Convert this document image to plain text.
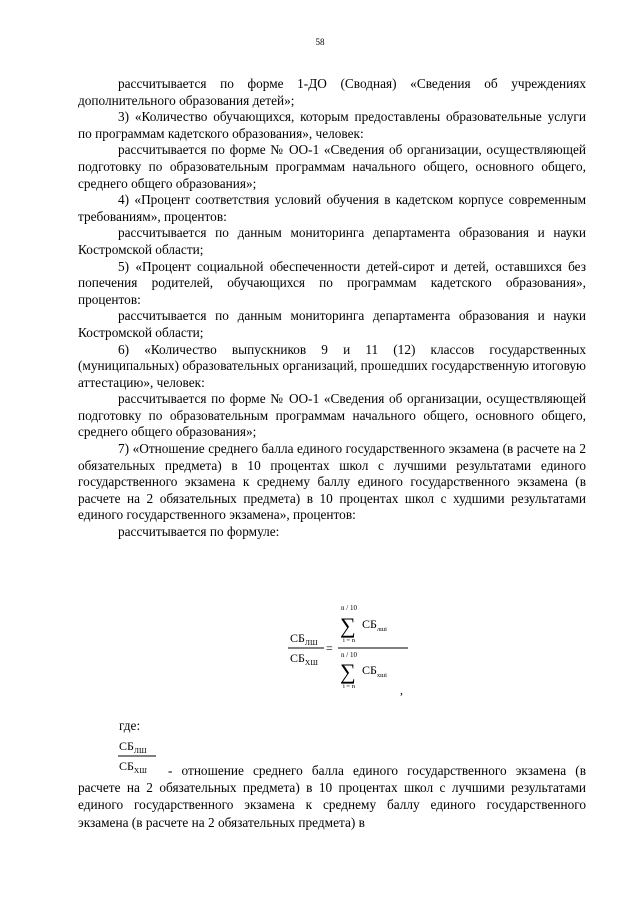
58

рассчитывается по форме 1-ДО (Сводная) «Сведения об учреждениях дополнительного образования детей»;

3) «Количество обучающихся, которым предоставлены образовательные услуги по программам кадетского образования», человек:

рассчитывается по форме № ОО-1 «Сведения об организации, осуществляющей подготовку по образовательным программам начального общего, основного общего, среднего общего образования»;

4) «Процент соответствия условий обучения в кадетском корпусе современным требованиям», процентов:

рассчитывается по данным мониторинга департамента образования и науки Костромской области;

5) «Процент социальной обеспеченности детей-сирот и детей, оставшихся без попечения родителей, обучающихся по программам кадетского образования», процентов:

рассчитывается по данным мониторинга департамента образования и науки Костромской области;

6) «Количество выпускников 9 и 11 (12) классов государственных (муниципальных) образовательных организаций, прошедших государственную итоговую аттестацию», человек:

рассчитывается по форме № ОО-1 «Сведения об организации, осуществляющей подготовку по образовательным программам начального общего, основного общего, среднего общего образования»;

7) «Отношение среднего балла единого государственного экзамена (в расчете на 2 обязательных предмета) в 10 процентах школ с лучшими результатами единого государственного экзамена к среднему баллу единого государственного экзамена (в расчете на 2 обязательных предмета) в 10 процентах школ с худшими результатами единого государственного экзамена», процентов:

рассчитывается по формуле:

$СБ_{ЛШ}$
$СБ_{ХШ}$
=
n / 10
∑
i = n
$СБ_{лшi}$
n / 10
∑
i = n
$СБ_{хшi}$
,
где:
$СБ_{ЛШ}$
$СБ_{ХШ}$	- отношение среднего балла единого государственного экзамена (в расчете на 2 обязательных предмета) в 10 процентах школ с лучшими результатами единого государственного экзамена к среднему баллу единого государственного экзамена (в расчете на 2 обязательных предмета) в
